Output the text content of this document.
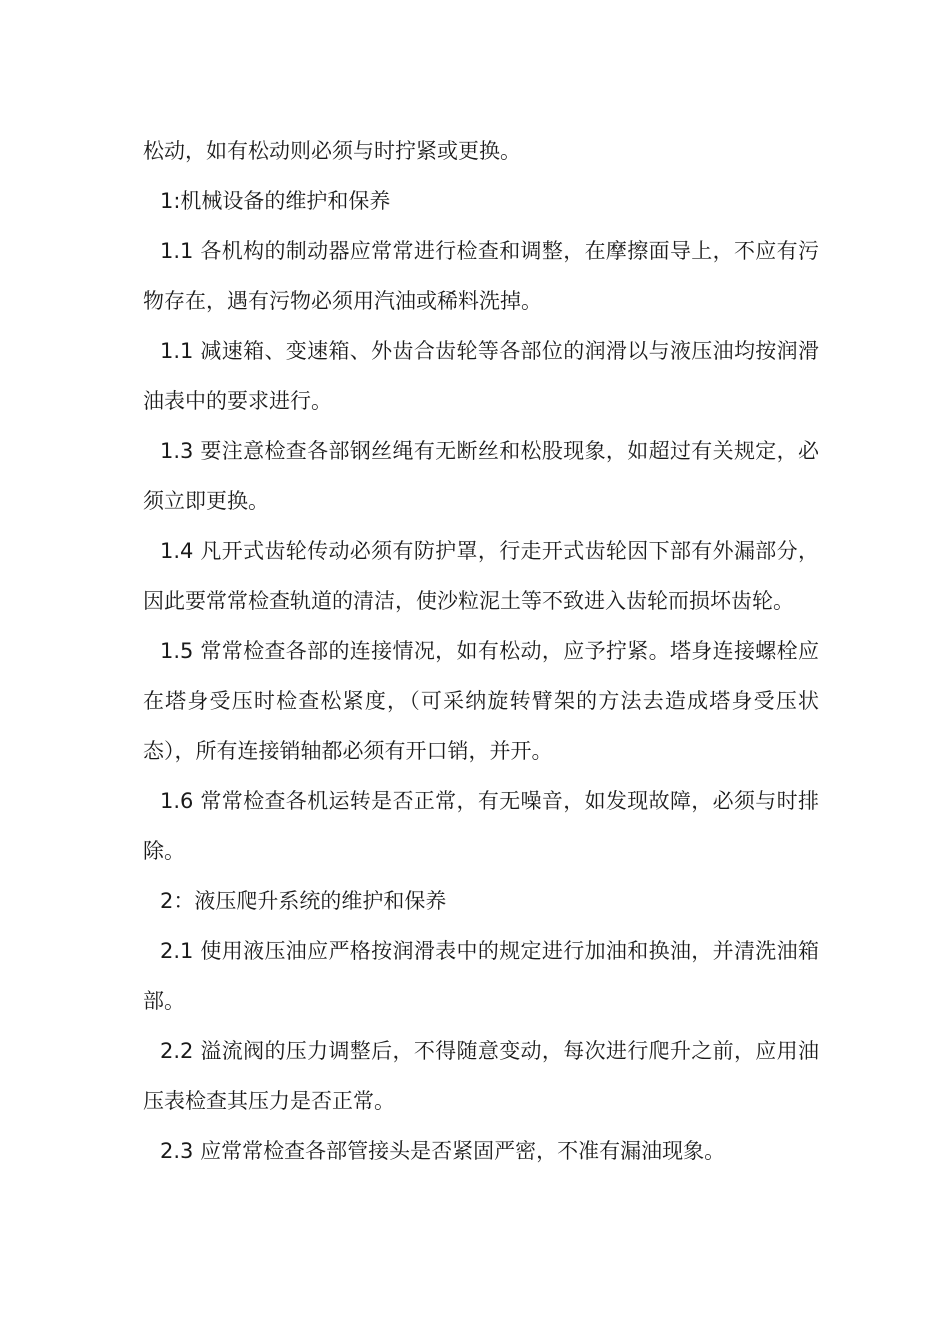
松动，如有松动则必须与时拧紧或更换。

1:机械设备的维护和保养

1.1 各机构的制动器应常常进行检查和调整，在摩擦面导上，不应有污物存在，遇有污物必须用汽油或稀料洗掉。

1.1 减速箱、变速箱、外齿合齿轮等各部位的润滑以与液压油均按润滑油表中的要求进行。

1.3 要注意检查各部钢丝绳有无断丝和松股现象，如超过有关规定，必须立即更换。

1.4 凡开式齿轮传动必须有防护罩，行走开式齿轮因下部有外漏部分，因此要常常检查轨道的清洁，使沙粒泥土等不致进入齿轮而损坏齿轮。

1.5 常常检查各部的连接情况，如有松动，应予拧紧。塔身连接螺栓应在塔身受压时检查松紧度，（可采纳旋转臂架的方法去造成塔身受压状态），所有连接销轴都必须有开口销，并开。

1.6 常常检查各机运转是否正常，有无噪音，如发现故障，必须与时排除。

2：液压爬升系统的维护和保养

2.1 使用液压油应严格按润滑表中的规定进行加油和换油，并清洗油箱部。

2.2 溢流阀的压力调整后，不得随意变动，每次进行爬升之前，应用油压表检查其压力是否正常。

2.3 应常常检查各部管接头是否紧固严密，不准有漏油现象。
